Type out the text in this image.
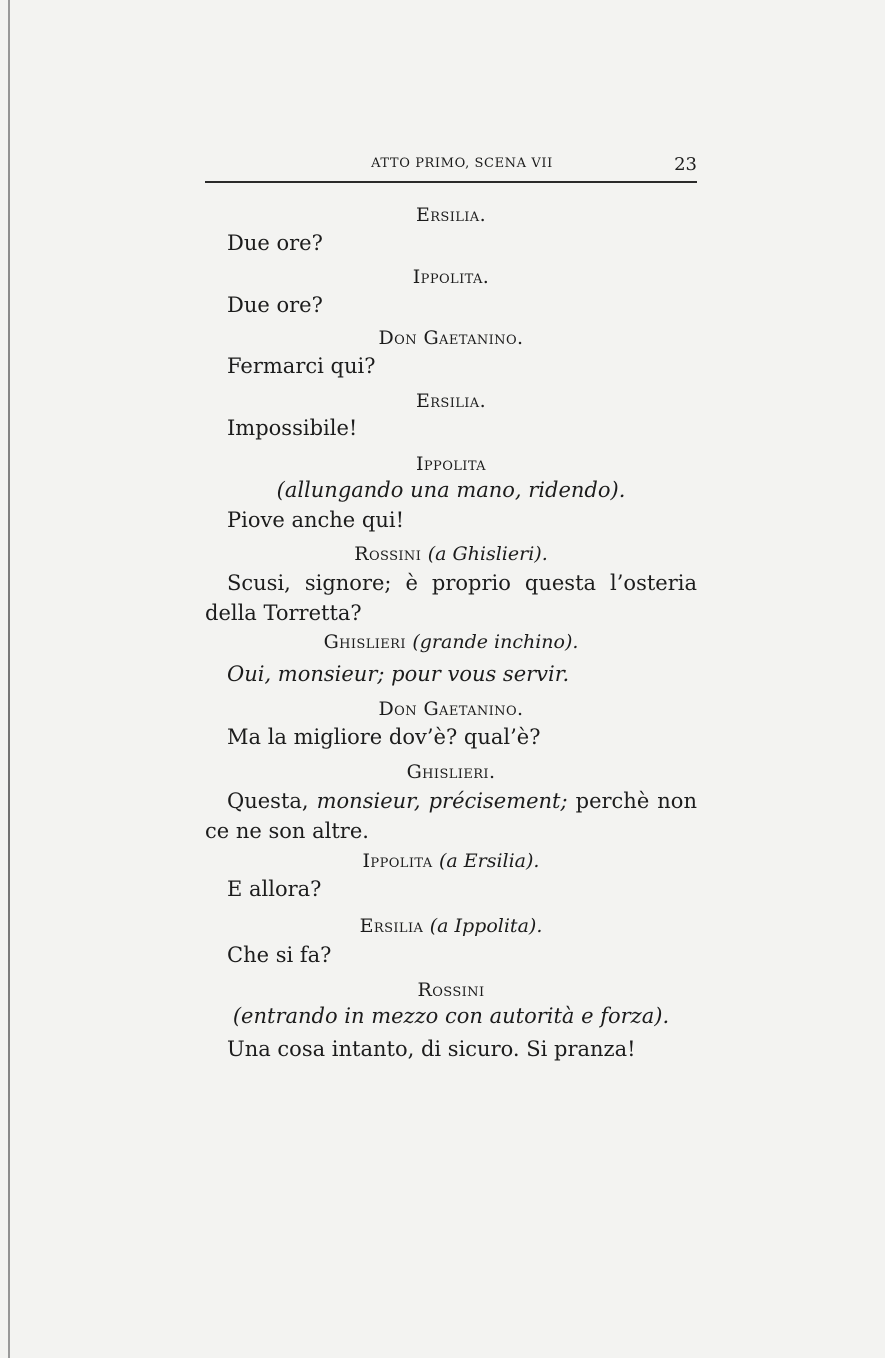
ATTO PRIMO, SCENA VII	23
Ersilia.
Due ore?
Ippolita.
Due ore?
Don Gaetanino.
Fermarci qui?
Ersilia.
Impossibile!
Ippolita
(allungando una mano, ridendo).
Piove anche qui!
Rossini (a Ghislieri).
Scusi, signore; è proprio questa l’osteria della Torretta?
Ghislieri (grande inchino).
Oui, monsieur; pour vous servir.
Don Gaetanino.
Ma la migliore dov’è? qual’è?
Ghislieri.
Questa, monsieur, précisement; perchè non ce ne son altre.
Ippolita (a Ersilia).
E allora?
Ersilia (a Ippolita).
Che si fa?
Rossini
(entrando in mezzo con autorità e forza).
Una cosa intanto, di sicuro. Si pranza!
